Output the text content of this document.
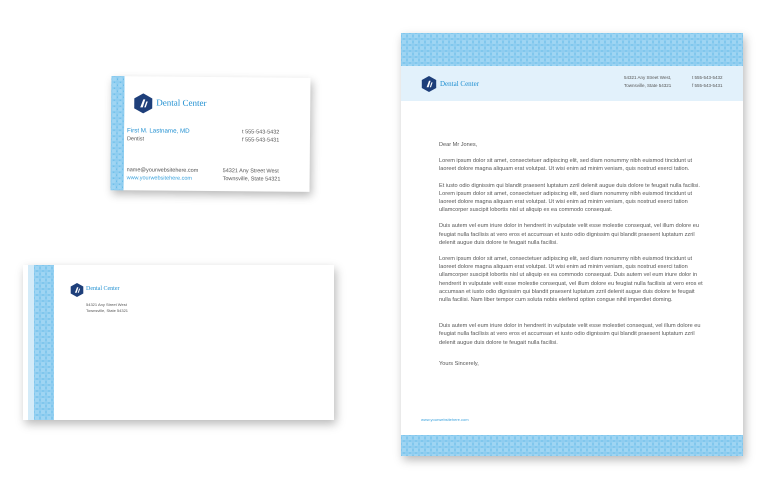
Dental Center
First M. Lastname, MD
Dentist
t 555-543-5432
f 555-543-5431
name@yourwebsitehere.com
www.yourwebsitehere.com
54321 Any Street West
Townsville, State 54321
Dental Center
54321 Any Street West
Townsville, State 54321
Dental Center
54321 Any Street West,
Townsville, State 54321
t 555-543-5432
f 555-543-5431

Dear Mr Jones,

Lorem ipsum dolor sit amet, consectetuer adipiscing elit, sed diam nonummy nibh euismod tincidunt ut laoreet dolore magna aliquam erat volutpat. Ut wisi enim ad minim veniam, quis nostrud exerci tation.

Et iusto odio dignissim qui blandit praesent luptatum zzril delenit augue duis dolore te feugait nulla facilisi. Lorem ipsum dolor sit amet, consectetuer adipiscing elit, sed diam nonummy nibh euismod tincidunt ut laoreet dolore magna aliquam erat volutpat. Ut wisi enim ad minim veniam, quis nostrud exerci tation ullamcorper suscipit lobortis nisl ut aliquip ex ea commodo consequat.

Duis autem vel eum iriure dolor in hendrerit in vulputate velit esse molestie consequat, vel illum dolore eu feugiat nulla facilisis at vero eros et accumsan et iusto odio dignissim qui blandit praesent luptatum zzril delenit augue duis dolore te feugait nulla facilisi.

Lorem ipsum dolor sit amet, consectetuer adipiscing elit, sed diam nonummy nibh euismod tincidunt ut laoreet dolore magna aliquam erat volutpat. Ut wisi enim ad minim veniam, quis nostrud exerci tation ullamcorper suscipit lobortis nisl ut aliquip ex ea commodo consequat. Duis autem vel eum iriure dolor in hendrerit in vulputate velit esse molestie consequat, vel illum dolore eu feugiat nulla facilisis at vero eros et accumsan et iusto odio dignissim qui blandit praesent luptatum zzril delenit augue duis dolore te feugait nulla facilisi. Nam liber tempor cum soluta nobis eleifend option congue nihil imperdiet doming.

Duis autem vel eum iriure dolor in hendrerit in vulputate velit esse molestiet consequat, vel illum dolore eu feugiat nulla facilisis at vero eros et accumsan et iusto odio dignissim qui blandit praesent luptatum zzril delenit augue duis dolore te feugait nulla facilisi.

Yours Sincerely,

www.yourwebsitehere.com
